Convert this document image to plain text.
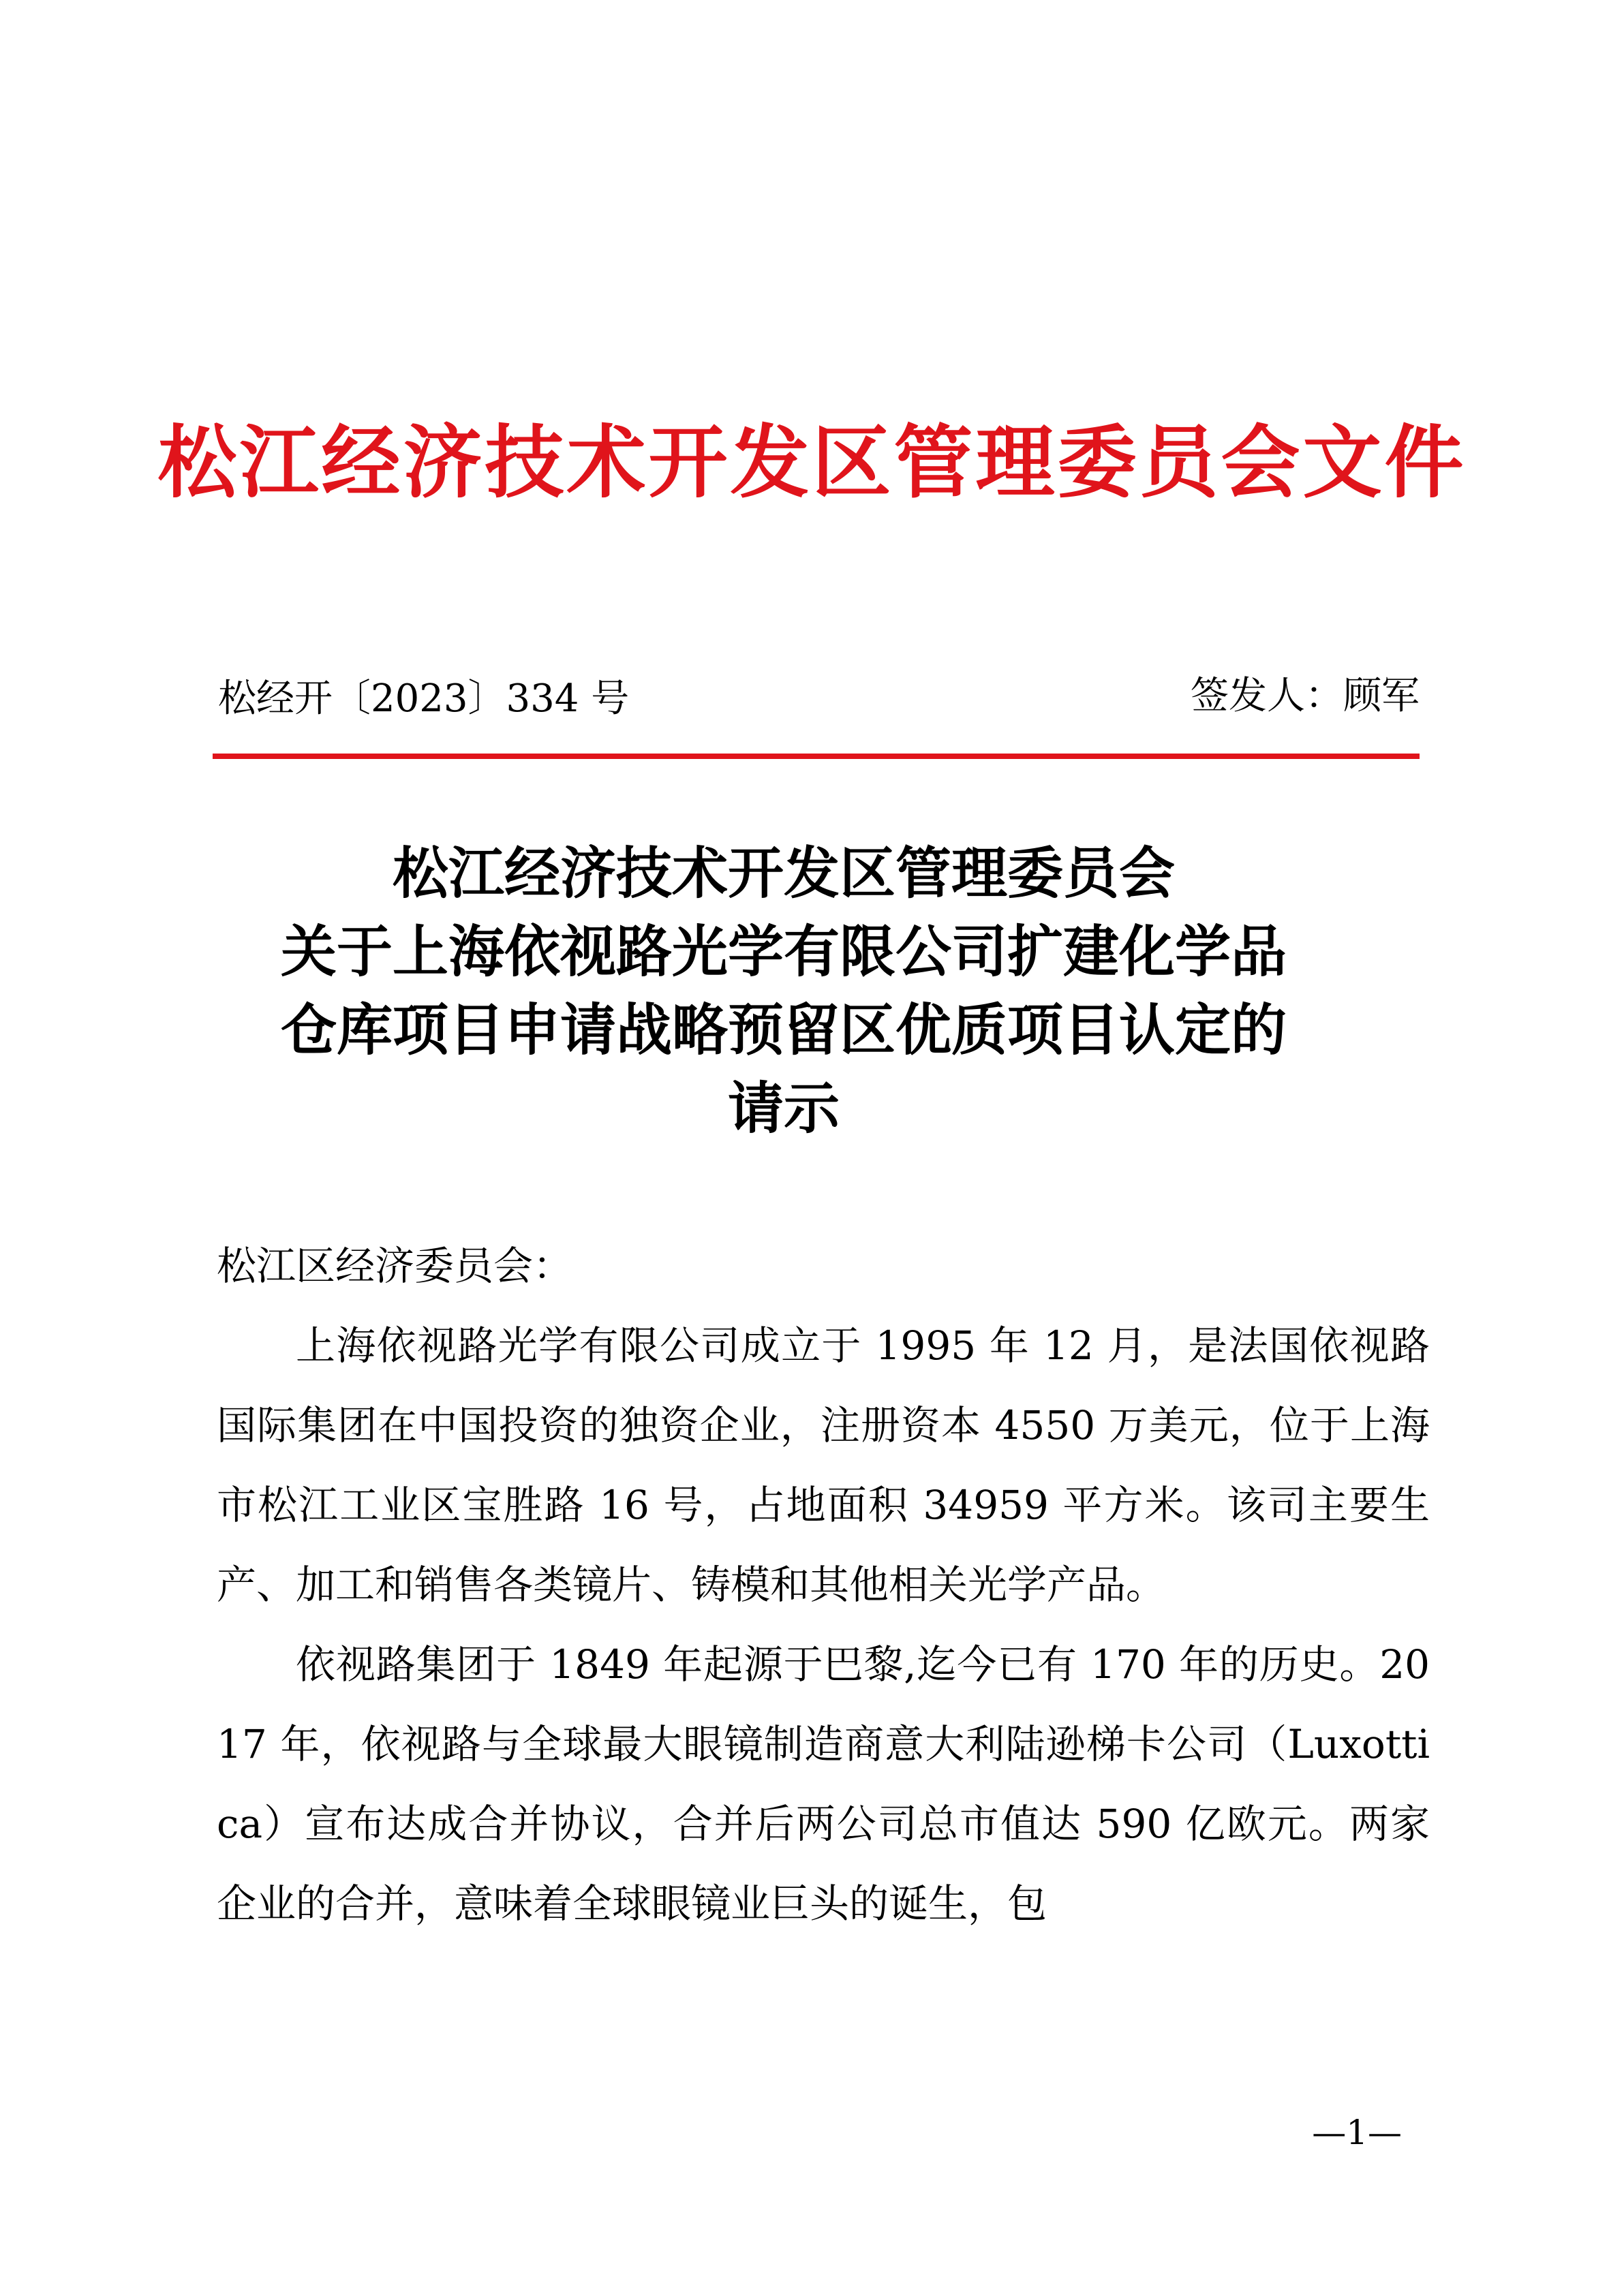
松江经济技术开发区管理委员会文件
松经开〔2023〕334 号	签发人：顾军
松江经济技术开发区管理委员会
关于上海依视路光学有限公司扩建化学品
仓库项目申请战略预留区优质项目认定的
请示

松江区经济委员会：

上海依视路光学有限公司成立于 1995 年 12 月，是法国依视路国际集团在中国投资的独资企业，注册资本 4550 万美元，位于上海市松江工业区宝胜路 16 号，占地面积 34959 平方米。该司主要生产、加工和销售各类镜片、铸模和其他相关光学产品。

依视路集团于 1849 年起源于巴黎,迄今已有 170 年的历史。2017 年，依视路与全球最大眼镜制造商意大利陆逊梯卡公司（Luxottica）宣布达成合并协议，合并后两公司总市值达 590 亿欧元。两家企业的合并，意味着全球眼镜业巨头的诞生，包

—1—
